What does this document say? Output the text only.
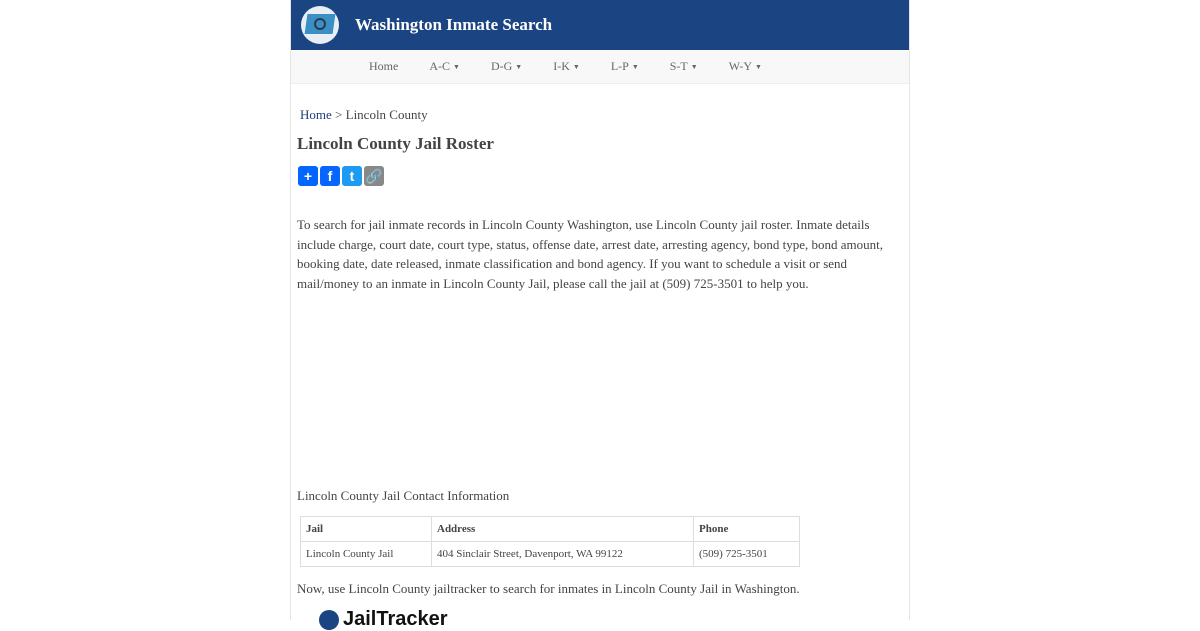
Washington Inmate Search
Home	A-C ▼	D-G ▼	I-K ▼	L-P ▼	S-T ▼	W-Y ▼
Home > Lincoln County
Lincoln County Jail Roster
+	f	t 🔗

To search for jail inmate records in Lincoln County Washington, use Lincoln County jail roster. Inmate details include charge, court date, court type, status, offense date, arrest date, arresting agency, bond type, bond amount, booking date, date released, inmate classification and bond agency. If you want to schedule a visit or send mail/money to an inmate in Lincoln County Jail, please call the jail at (509) 725-3501 to help you.

Lincoln County Jail Contact Information

Jail	Address	Phone
Lincoln County Jail	404 Sinclair Street, Davenport, WA 99122	(509) 725-3501

Now, use Lincoln County jailtracker to search for inmates in Lincoln County Jail in Washington.

JailTracker
